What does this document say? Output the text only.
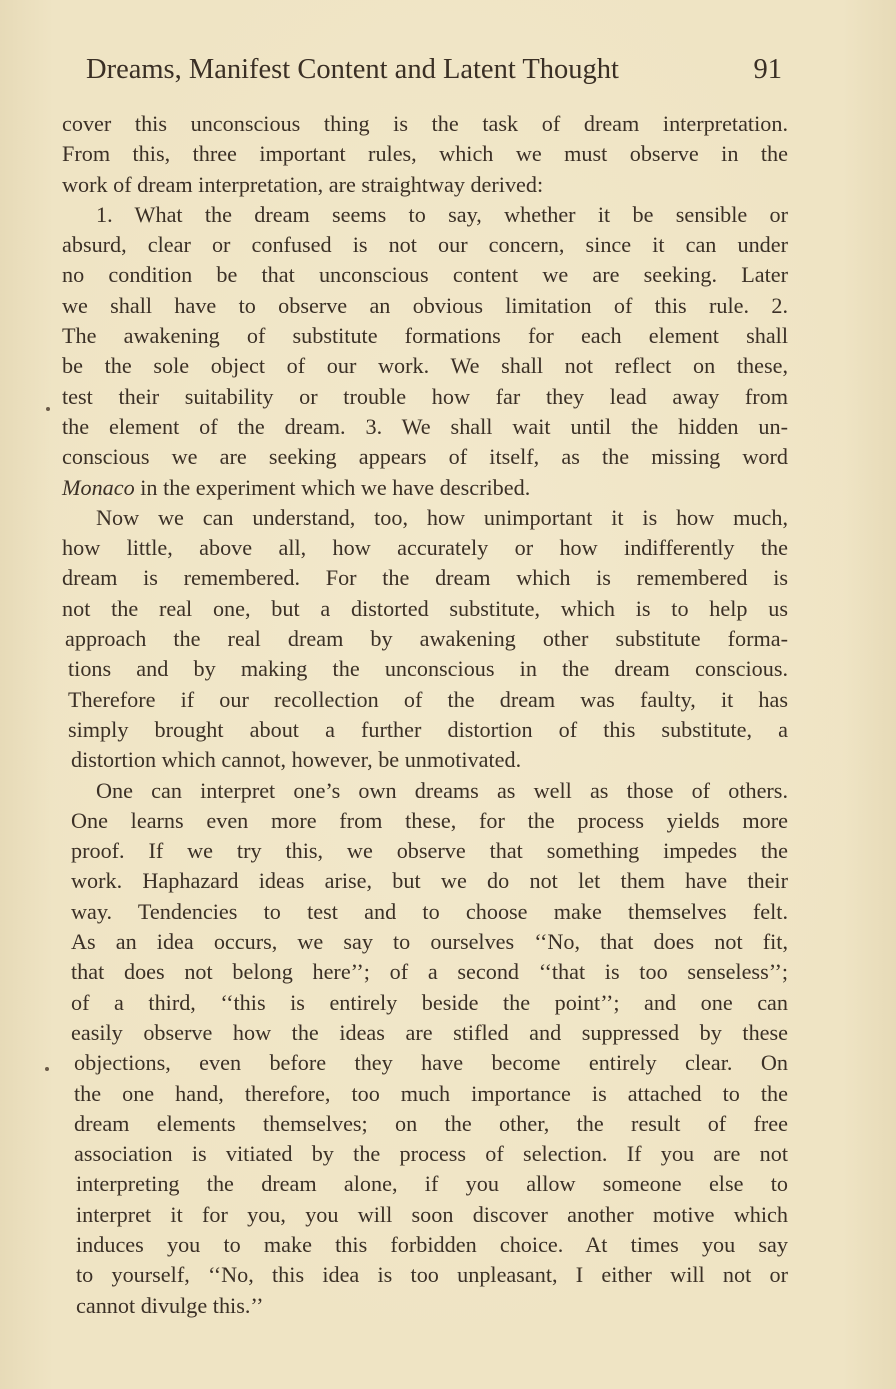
Dreams, Manifest Content and Latent Thought	91
cover this unconscious thing is the task of dream interpretation.
From this, three important rules, which we must observe in the
work of dream interpretation, are straightway derived:
1. What the dream seems to say, whether it be sensible or
absurd, clear or confused is not our concern, since it can under
no condition be that unconscious content we are seeking. Later
we shall have to observe an obvious limitation of this rule. 2.
The awakening of substitute formations for each element shall
be the sole object of our work. We shall not reflect on these,
test their suitability or trouble how far they lead away from
the element of the dream. 3. We shall wait until the hidden un-
conscious we are seeking appears of itself, as the missing word
Monaco in the experiment which we have described.
Now we can understand, too, how unimportant it is how much,
how little, above all, how accurately or how indifferently the
dream is remembered. For the dream which is remembered is
not the real one, but a distorted substitute, which is to help us
approach the real dream by awakening other substitute forma-
tions and by making the unconscious in the dream conscious.
Therefore if our recollection of the dream was faulty, it has
simply brought about a further distortion of this substitute, a
distortion which cannot, however, be unmotivated.
One can interpret one’s own dreams as well as those of others.
One learns even more from these, for the process yields more
proof. If we try this, we observe that something impedes the
work. Haphazard ideas arise, but we do not let them have their
way. Tendencies to test and to choose make themselves felt.
As an idea occurs, we say to ourselves ‘‘No, that does not fit,
that does not belong here’’; of a second ‘‘that is too senseless’’;
of a third, ‘‘this is entirely beside the point’’; and one can
easily observe how the ideas are stifled and suppressed by these
objections, even before they have become entirely clear. On
the one hand, therefore, too much importance is attached to the
dream elements themselves; on the other, the result of free
association is vitiated by the process of selection. If you are not
interpreting the dream alone, if you allow someone else to
interpret it for you, you will soon discover another motive which
induces you to make this forbidden choice. At times you say
to yourself, ‘‘No, this idea is too unpleasant, I either will not or
cannot divulge this.’’
